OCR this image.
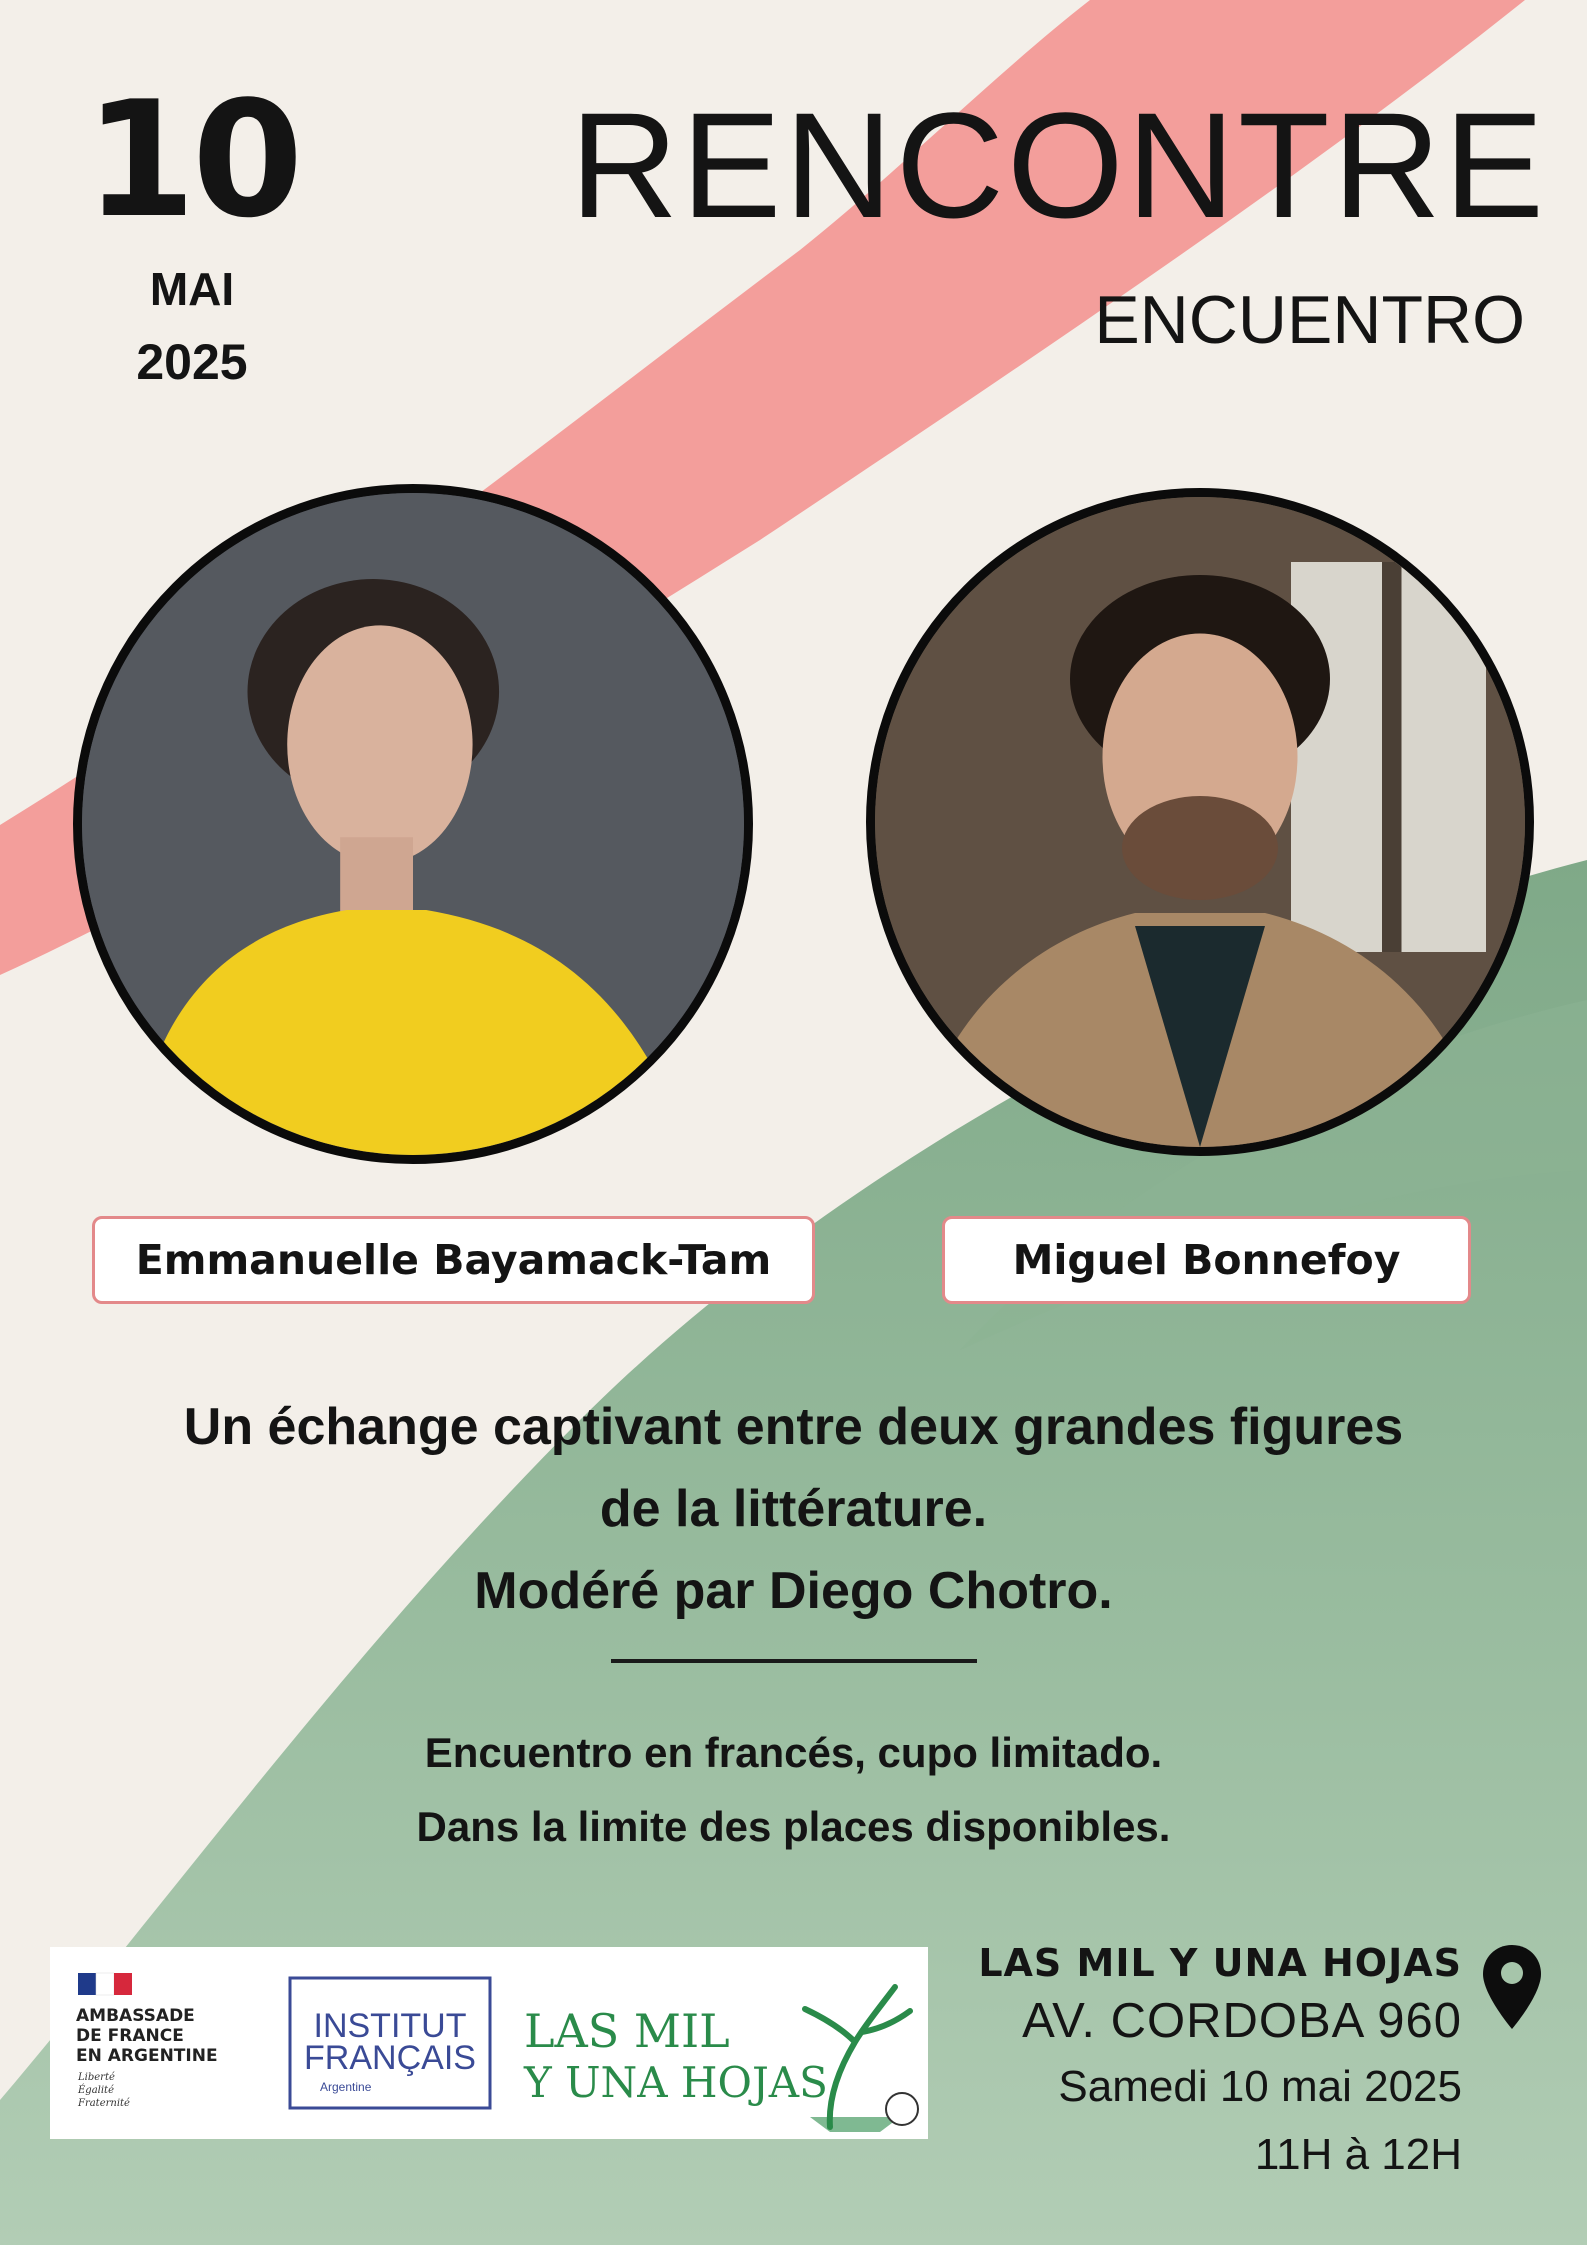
10
MAI
2025
RENCONTRE
ENCUENTRO
Emmanuelle Bayamack-Tam	Miguel Bonnefoy
Un échange captivant entre deux grandes figures
de la littérature.
Modéré par Diego Chotro.
Encuentro en francés, cupo limitado.
Dans la limite des places disponibles.
AMBASSADE
DE FRANCE
EN ARGENTINE
Liberté
Égalité
Fraternité
INSTITUT
FRANÇAIS
Argentine
LAS MIL
Y UNA HOJAS
LAS MIL Y UNA HOJAS
AV. CORDOBA 960
Samedi 10 mai 2025
11H à 12H
